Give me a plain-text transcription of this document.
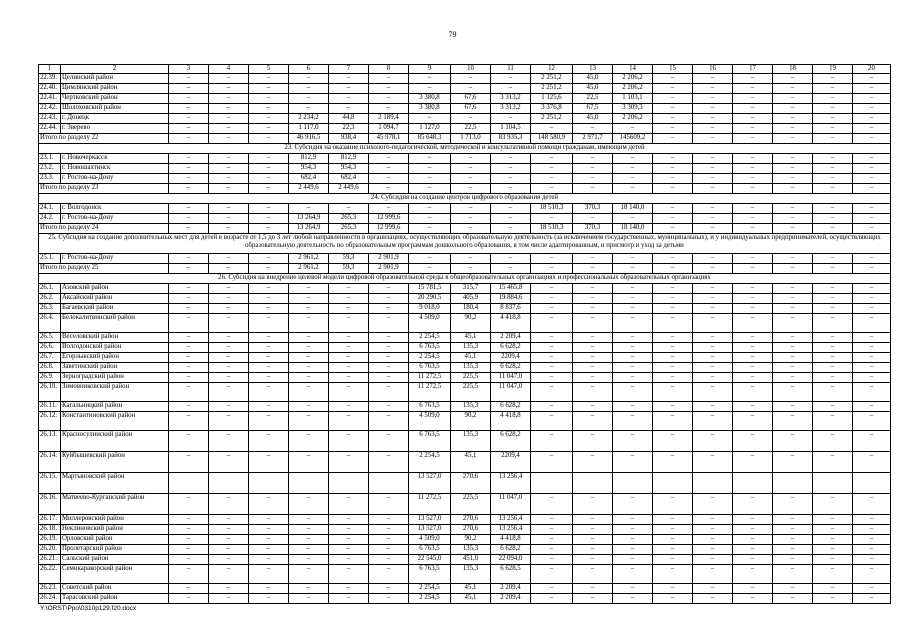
79
1	2	3	4	5	6	7	8	9	10	11	12	13	14	15	16	17	18	19	20
22.39.	Целинский район	–	–	–	–	–	–	–	–	–	2 251,2	45,0	2 206,2	–	–	–	–	–	–
22.40.	Цимлянский район	–	–	–	–	–	–	–	–	–	2 251,2	45,0	2 206,2	–	–	–	–	–	–
22.41.	Чертковский район	–	–	–	–	–	–	3 380,8	67,6	3 313,2	1 125,6	22,5	1 103,1	–	–	–	–	–	–
22.42.	Шолоховский район	–	–	–	–	–	–	3 380,8	67,6	3 313,2	3 376,8	67,5	3 309,3	–	–	–	–	–	–
22.43.	г. Донецк	–	–	–	2 234,2	44,8	2 189,4	–	–	–	2 251,2	45,0	2 206,2	–	–	–	–	–	–
22.44.	г. Зверево	–	–	–	1 117,0	22,3	1 094,7	1 127,0	22,5	1 104,5	–	–	–	–	–	–	–	–	–
Итого по разделу 22		–	–	–	46 916,5	938,4	45 978,1	85 648,3	1 713,0	83 935,3	148 580,9	2 971,7	145609,2	–	–	–	–	–	–
23. Субсидия на оказание психолого-педагогической, методической и консультативной помощи гражданам, имеющим детей																			
23.1.	г. Новочеркасск	–	–	–	812,9	812,9	–	–	–	–	–	–	–	–	–	–	–	–	–
23.2.	г. Новошахтинск	–	–	–	954,3	954,3	–	–	–	–	–	–	–	–	–	–	–	–	–
23.3.	г. Ростов-на-Дону	–	–	–	682,4	682,4	–	–	–	–	–	–	–	–	–	–	–	–	–
Итого по разделу 23		–	–	–	2 449,6	2 449,6	–	–	–	–	–	–	–	–	–	–	–	–	–
24. Субсидия на создание центров цифрового образования детей																			
24.1.	г. Волгодонск	–	–	–	–	–	–	–	–	–	18 510,3	370,3	18 140,0	–	–	–	–	–	–
24.2.	г. Ростов-на-Дону	–	–	–	13 264,9	265,3	12 999,6	–	–	–	–	–	–	–	–	–	–	–	–
Итого по разделу 24		–	–	–	13 264,9	265,3	12 999,6	–	–	–	18 510,3	370,3	18 140,0	–	–	–	–	–	–
25. Субсидия на создание дополнительных мест для детей в возрасте от 1,5 до 3 лет любой направленности в организациях, осуществляющих образовательную деятельность (за исключением государственных, муниципальных), и у индивидуальных предпринимателей, осуществляющих образовательную деятельность по образовательным программам дошкольного образования, в том числе адаптированным, и присмотр и уход за детьми																			
25.1.	г. Ростов-на-Дону	–	–	–	2 961,2	59,3	2 901,9	–	–	–	–	–	–	–	–	–	–	–	–
Итого по разделу 25		–	–	–	2 961,2	59,3	2 901,9	–	–	–	–	–	–	–	–	–	–	–	–
26. Субсидия на внедрение целевой модели цифровой образовательной среды в общеобразовательных организациях и профессиональных образовательных организациях																			
26.1.	Азовский район	–	–	–	–	–	–	15 781,5	315,7	15 465,8	–	–	–	–	–	–	–	–	–
26.2.	Аксайский район	–	–	–	–	–	–	20 290,5	405,9	19 884,6	–	–	–	–	–	–	–	–	–
26.3.	Багаевский район	–	–	–	–	–	–	9 018,0	180,4	8 837,6	–	–	–	–	–	–	–	–	–
26.4.	Белокалитвинский район	–	–	–	–	–	–	4 509,0	90,2	4 418,8	–	–	–	–	–	–	–	–	–
26.5.	Веселовский район	–	–	–	–	–	–	2 254,5	45,1	2 209,4	–	–	–	–	–	–	–	–	–
26.6.	Волгодонской район	–	–	–	–	–	–	6 763,5	135,3	6 628,2	–	–	–	–	–	–	–	–	–
26.7.	Егорлыкский район	–	–	–	–	–	–	2 254,5	45,1	2209,4	–	–	–	–	–	–	–	–	–
26.8.	Заветинский район	–	–	–	–	–	–	6 763,5	135,3	6 628,2	–	–	–	–	–	–	–	–	–
26.9.	Зерноградский район	–	–	–	–	–	–	11 272,5	225,5	11 047,0	–	–	–	–	–	–	–	–	–
26.10.	Зимовниковский район	–	–	–	–	–	–	11 272,5	225,5	11 047,0	–	–	–	–	–	–	–	–	–
26.11.	Кагальницкий район	–	–	–	–	–	–	6 763,5	135,3	6 628,2	–	–	–	–	–	–	–	–	–
26.12.	Константиновский район	–	–	–	–	–	–	4 509,0	90,2	4 418,8	–	–	–	–	–	–	–	–	–
26.13.	Красносулинский район	–	–	–	–	–	–	6 763,5	135,3	6 628,2	–	–	–	–	–	–	–	–	–
26.14.	Куйбышевский район	–	–	–	–	–	–	2 254,5	45,1	2209,4	–	–	–	–	–	–	–	–	–
26.15.	Мартыновский район							13 527,0	270,6	13 256,4									
26.16.	Матвеево-Курганский район	–	–	–	–	–	–	11 272,5	225,5	11 047,0	–	–	–	–	–	–	–	–	–
26.17.	Миллеровский район	–	–	–	–	–	–	13 527,0	270,6	13 256,4	–	–	–	–	–	–	–	–	–
26.18.	Неклиновский район	–	–	–	–	–	–	13 527,0	270,6	13 256,4	–	–	–	–	–	–	–	–	–
26.19.	Орловский район	–	–	–	–	–	–	4 509,0	90,2	4 418,8	–	–	–	–	–	–	–	–	–
26.20.	Пролетарский район	–	–	–	–	–	–	6 763,5	135,3	6 628,2	–	–	–	–	–	–	–	–	–
26.21.	Сальский район	–	–	–	–	–	–	22 545,0	451,0	22 094,0	–	–	–	–	–	–	–	–	–
26.22.	Семикаракорский район	–	–	–	–	–	–	6 763,5	135,3	6 628,5	–	–	–	–	–	–	–	–	–
26.23.	Советский район	–	–	–	–	–	–	2 254,5	45,1	2 209,4	–	–	–	–	–	–	–	–	–
26.24.	Тарасовский район	–	–	–	–	–	–	2 254,5	45,1	2 209,4	–	–	–	–	–	–	–	–	–
Y:\ORST\Ppo\0310p129.f20.docx
